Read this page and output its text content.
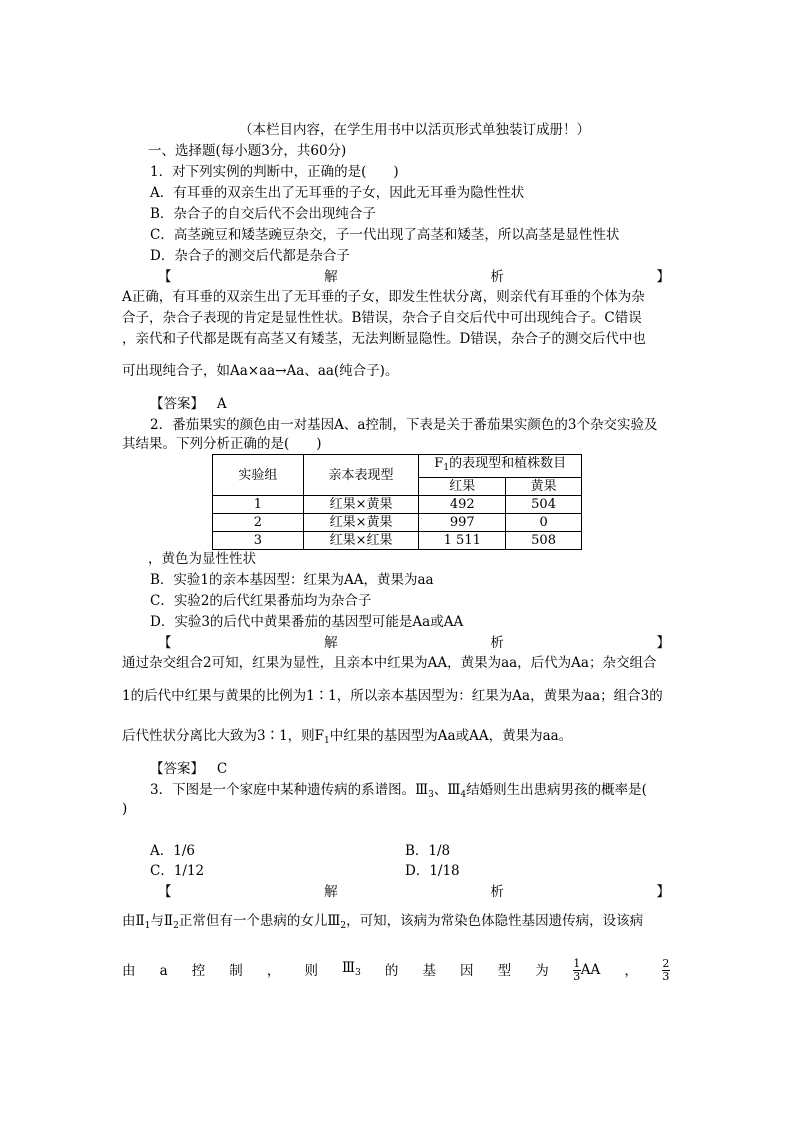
（本栏目内容，在学生用书中以活页形式单独装订成册！）
一、选择题(每小题3分，共60分)
1．对下列实例的判断中，正确的是(　　)
A．有耳垂的双亲生出了无耳垂的子女，因此无耳垂为隐性性状
B．杂合子的自交后代不会出现纯合子
C．高茎豌豆和矮茎豌豆杂交，子一代出现了高茎和矮茎，所以高茎是显性性状
D．杂合子的测交后代都是杂合子
【	解	析	】
A正确，有耳垂的双亲生出了无耳垂的子女，即发生性状分离，则亲代有耳垂的个体为杂
合子，杂合子表现的肯定是显性性状。B错误，杂合子自交后代中可出现纯合子。C错误
，亲代和子代都是既有高茎又有矮茎，无法判断显隐性。D错误，杂合子的测交后代中也
可出现纯合子，如Aa×aa→Aa、aa(纯合子)。
【答案】 A
2．番茄果实的颜色由一对基因A、a控制，下表是关于番茄果实颜色的3个杂交实验及
其结果。下列分析正确的是(　　)
实验组	亲本表现型	$F_1$的表现型和植株数目	
		红果	黄果
1	红果×黄果	492	504
2	红果×黄果	997	0
3	红果×红果	1 511	508
，黄色为显性性状
B．实验1的亲本基因型：红果为AA，黄果为aa
C．实验2的后代红果番茄均为杂合子
D．实验3的后代中黄果番茄的基因型可能是Aa或AA
【	解	析	】
通过杂交组合2可知，红果为显性，且亲本中红果为AA，黄果为aa，后代为Aa；杂交组合
1的后代中红果与黄果的比例为1∶1，所以亲本基因型为：红果为Aa，黄果为aa；组合3的
后代性状分离比大致为3∶1，则$F_1$中红果的基因型为Aa或AA，黄果为aa。
【答案】 C
3．下图是一个家庭中某种遗传病的系谱图。$Ⅲ_3$、$Ⅲ_4$结婚则生出患病男孩的概率是(
)
A．1/6	B．1/8
C．1/12	D．1/18
【	解	析	】
由$Ⅱ_1$与$Ⅱ_2$正常但有一个患病的女儿$Ⅲ_2$，可知，该病为常染色体隐性基因遗传病，设该病
由 a 控 制 ， 则 $Ⅲ_3$ 的 基 因 型 为 $\frac{1}{3}$ AA ， $\frac{2}{3}$
